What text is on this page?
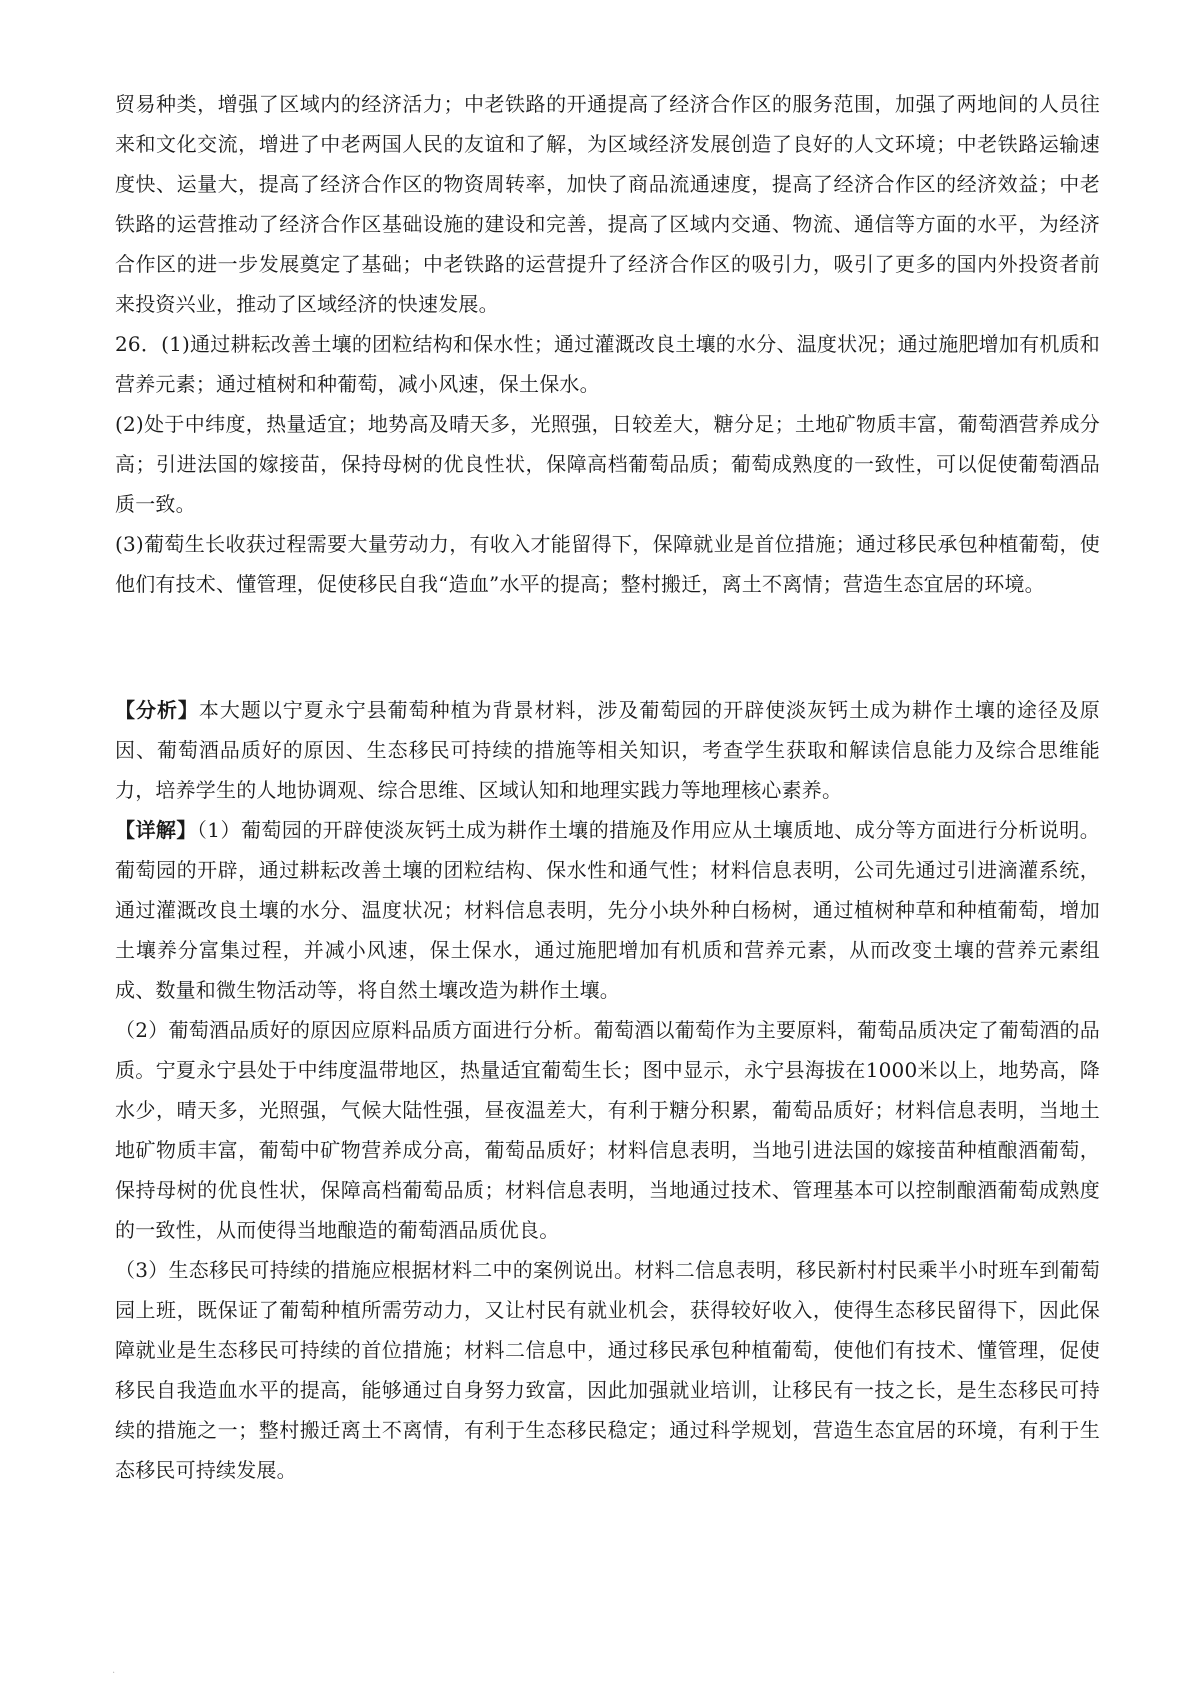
贸易种类，增强了区域内的经济活力；中老铁路的开通提高了经济合作区的服务范围，加强了两地间的人员往来和文化交流，增进了中老两国人民的友谊和了解，为区域经济发展创造了良好的人文环境；中老铁路运输速度快、运量大，提高了经济合作区的物资周转率，加快了商品流通速度，提高了经济合作区的经济效益；中老铁路的运营推动了经济合作区基础设施的建设和完善，提高了区域内交通、物流、通信等方面的水平，为经济合作区的进一步发展奠定了基础；中老铁路的运营提升了经济合作区的吸引力，吸引了更多的国内外投资者前来投资兴业，推动了区域经济的快速发展。

26．(1)通过耕耘改善土壤的团粒结构和保水性；通过灌溉改良土壤的水分、温度状况；通过施肥增加有机质和营养元素；通过植树和种葡萄，减小风速，保土保水。

(2)处于中纬度，热量适宜；地势高及晴天多，光照强，日较差大，糖分足；土地矿物质丰富，葡萄酒营养成分高；引进法国的嫁接苗，保持母树的优良性状，保障高档葡萄品质；葡萄成熟度的一致性，可以促使葡萄酒品质一致。

(3)葡萄生长收获过程需要大量劳动力，有收入才能留得下，保障就业是首位措施；通过移民承包种植葡萄，使他们有技术、懂管理，促使移民自我“造血”水平的提高；整村搬迁，离土不离情；营造生态宜居的环境。

【分析】本大题以宁夏永宁县葡萄种植为背景材料，涉及葡萄园的开辟使淡灰钙土成为耕作土壤的途径及原因、葡萄酒品质好的原因、生态移民可持续的措施等相关知识，考查学生获取和解读信息能力及综合思维能力，培养学生的人地协调观、综合思维、区域认知和地理实践力等地理核心素养。

【详解】（1）葡萄园的开辟使淡灰钙土成为耕作土壤的措施及作用应从土壤质地、成分等方面进行分析说明。葡萄园的开辟，通过耕耘改善土壤的团粒结构、保水性和通气性；材料信息表明，公司先通过引进滴灌系统，通过灌溉改良土壤的水分、温度状况；材料信息表明，先分小块外种白杨树，通过植树种草和种植葡萄，增加土壤养分富集过程，并减小风速，保土保水，通过施肥增加有机质和营养元素，从而改变土壤的营养元素组成、数量和微生物活动等，将自然土壤改造为耕作土壤。

（2）葡萄酒品质好的原因应原料品质方面进行分析。葡萄酒以葡萄作为主要原料，葡萄品质决定了葡萄酒的品质。宁夏永宁县处于中纬度温带地区，热量适宜葡萄生长；图中显示，永宁县海拔在1000米以上，地势高，降水少，晴天多，光照强，气候大陆性强，昼夜温差大，有利于糖分积累，葡萄品质好；材料信息表明，当地土地矿物质丰富，葡萄中矿物营养成分高，葡萄品质好；材料信息表明，当地引进法国的嫁接苗种植酿酒葡萄，保持母树的优良性状，保障高档葡萄品质；材料信息表明，当地通过技术、管理基本可以控制酿酒葡萄成熟度的一致性，从而使得当地酿造的葡萄酒品质优良。

（3）生态移民可持续的措施应根据材料二中的案例说出。材料二信息表明，移民新村村民乘半小时班车到葡萄园上班，既保证了葡萄种植所需劳动力，又让村民有就业机会，获得较好收入，使得生态移民留得下，因此保障就业是生态移民可持续的首位措施；材料二信息中，通过移民承包种植葡萄，使他们有技术、懂管理，促使移民自我造血水平的提高，能够通过自身努力致富，因此加强就业培训，让移民有一技之长，是生态移民可持续的措施之一；整村搬迁离土不离情，有利于生态移民稳定；通过科学规划，营造生态宜居的环境，有利于生态移民可持续发展。

.
